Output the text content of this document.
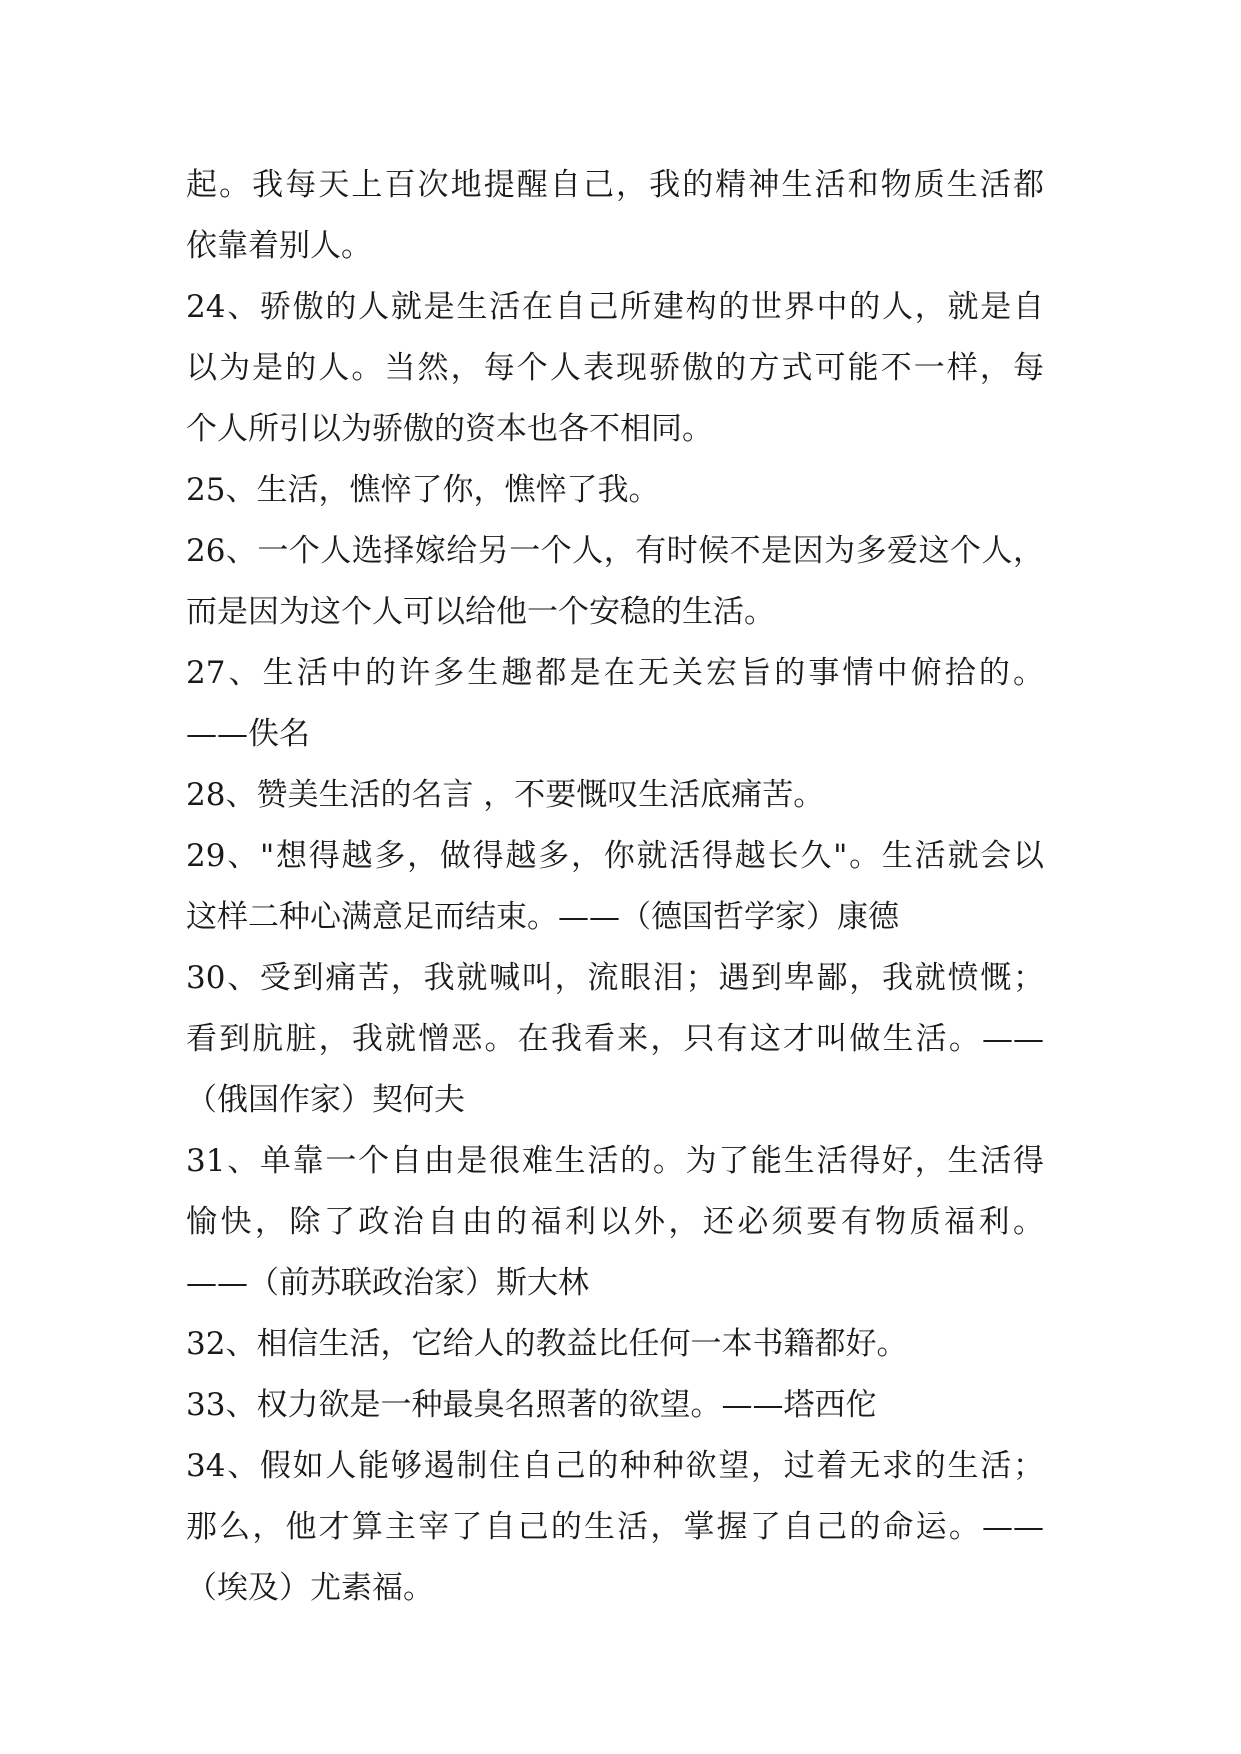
起。我每天上百次地提醒自己，我的精神生活和物质生活都
依靠着别人。
24、骄傲的人就是生活在自己所建构的世界中的人，就是自
以为是的人。当然，每个人表现骄傲的方式可能不一样，每
个人所引以为骄傲的资本也各不相同。
25、生活，憔悴了你，憔悴了我。
26、一个人选择嫁给另一个人，有时候不是因为多爱这个人，
而是因为这个人可以给他一个安稳的生活。
27、生活中的许多生趣都是在无关宏旨的事情中俯拾的。
——佚名
28、赞美生活的名言 ，不要慨叹生活底痛苦。
29、"想得越多，做得越多，你就活得越长久"。生活就会以
这样二种心满意足而结束。——（德国哲学家）康德
30、受到痛苦，我就喊叫，流眼泪；遇到卑鄙，我就愤慨；
看到肮脏，我就憎恶。在我看来，只有这才叫做生活。——
（俄国作家）契何夫
31、单靠一个自由是很难生活的。为了能生活得好，生活得
愉快，除了政治自由的福利以外，还必须要有物质福利。
——（前苏联政治家）斯大林
32、相信生活，它给人的教益比任何一本书籍都好。
33、权力欲是一种最臭名照著的欲望。——塔西佗
34、假如人能够遏制住自己的种种欲望，过着无求的生活；
那么，他才算主宰了自己的生活，掌握了自己的命运。——
（埃及）尤素福。
